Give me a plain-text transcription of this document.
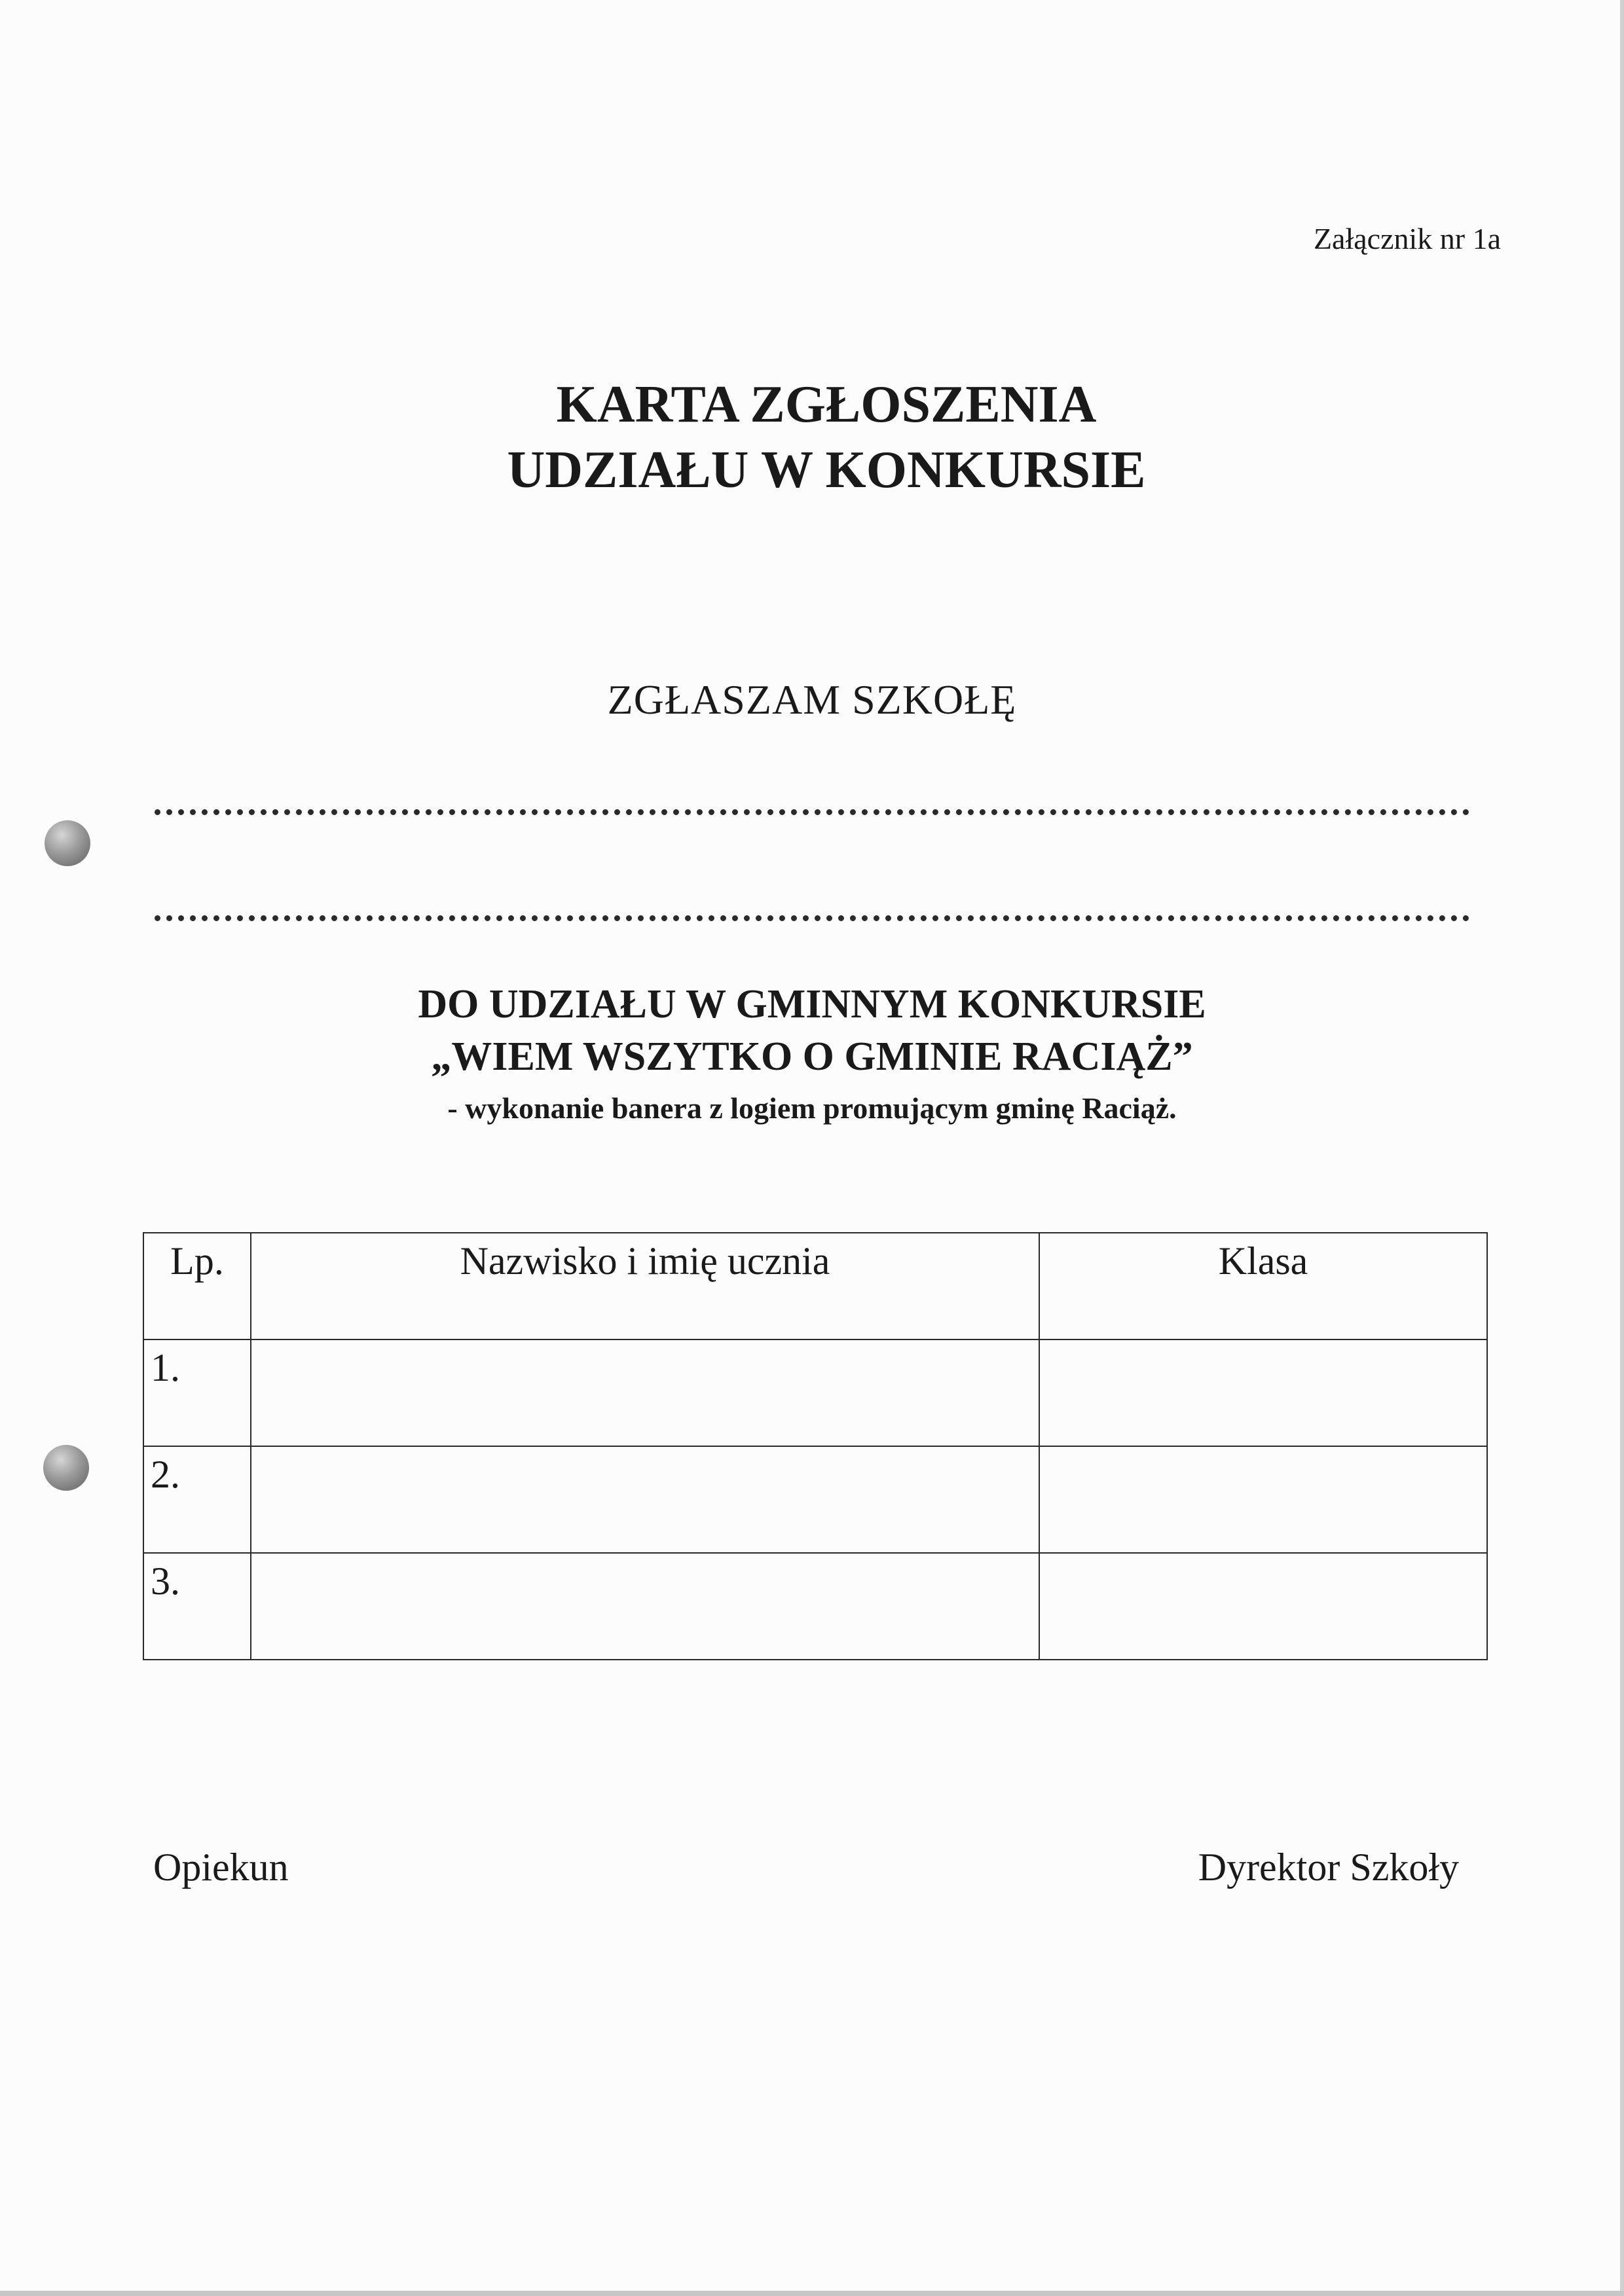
Załącznik nr 1a

KARTA ZGŁOSZENIA
UDZIAŁU W KONKURSIE

ZGŁASZAM SZKOŁĘ

DO UDZIAŁU W GMINNYM KONKURSIE
„WIEM WSZYTKO O GMINIE RACIĄŻ”
- wykonanie banera z logiem promującym gminę Raciąż.
Lp.	Nazwisko i imię ucznia	Klasa
1.		
2.		
3.		

Opiekun	Dyrektor Szkoły
